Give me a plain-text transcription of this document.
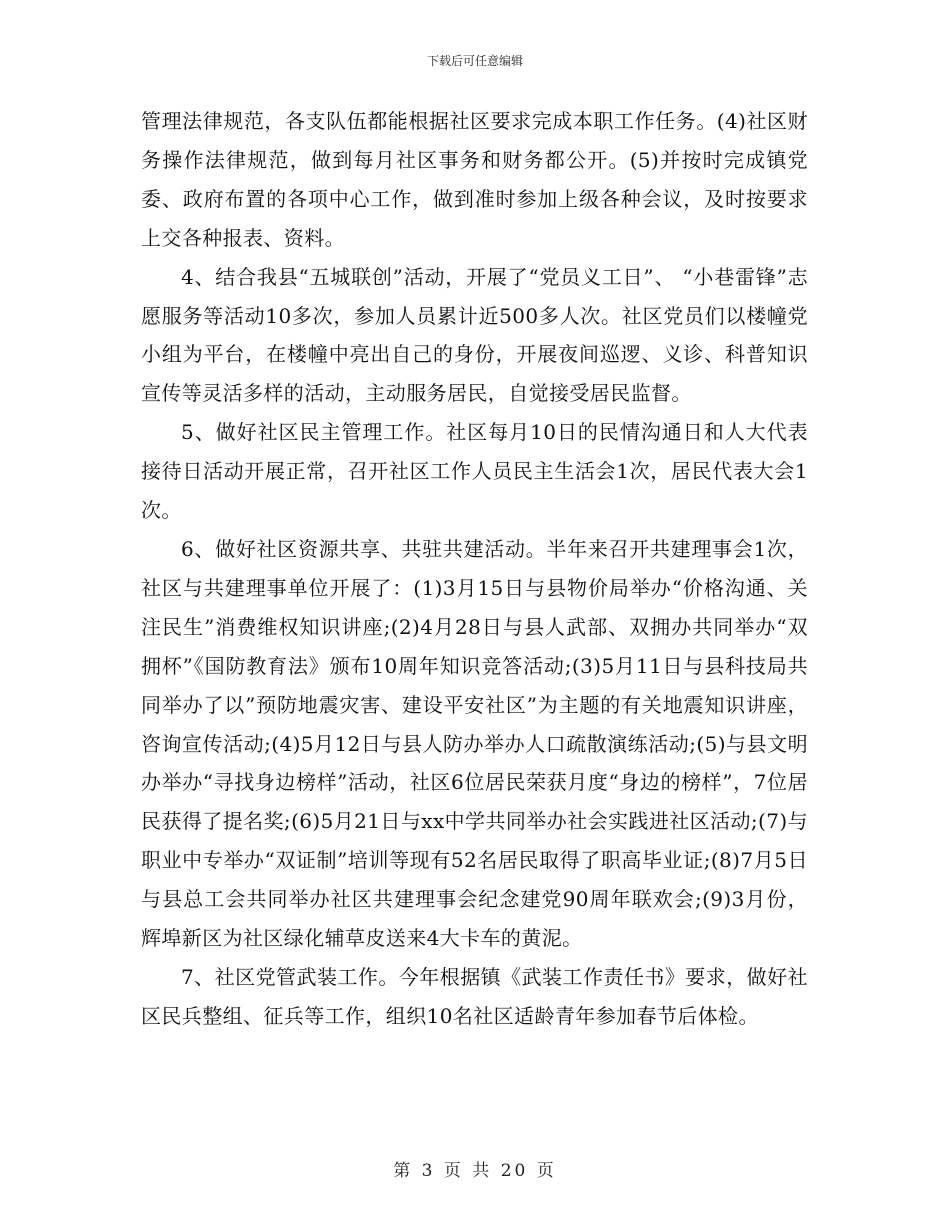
下载后可任意编辑

管理法律规范，各支队伍都能根据社区要求完成本职工作任务。(4)社区财务操作法律规范，做到每月社区事务和财务都公开。(5)并按时完成镇党委、政府布置的各项中心工作，做到准时参加上级各种会议，及时按要求上交各种报表、资料。

4、结合我县“五城联创”活动，开展了“党员义工日”、 “小巷雷锋”志愿服务等活动10多次，参加人员累计近500多人次。社区党员们以楼幢党小组为平台，在楼幢中亮出自己的身份，开展夜间巡逻、义诊、科普知识宣传等灵活多样的活动，主动服务居民，自觉接受居民监督。

5、做好社区民主管理工作。社区每月10日的民情沟通日和人大代表接待日活动开展正常，召开社区工作人员民主生活会1次，居民代表大会1次。

6、做好社区资源共享、共驻共建活动。半年来召开共建理事会1次，社区与共建理事单位开展了：(1)3月15日与县物价局举办“价格沟通、关注民生”消费维权知识讲座;(2)4月28日与县人武部、双拥办共同举办“双拥杯”《国防教育法》颁布10周年知识竞答活动;(3)5月11日与县科技局共同举办了以”预防地震灾害、建设平安社区”为主题的有关地震知识讲座，咨询宣传活动;(4)5月12日与县人防办举办人口疏散演练活动;(5)与县文明办举办“寻找身边榜样”活动，社区6位居民荣获月度“身边的榜样”，7位居民获得了提名奖;(6)5月21日与xx中学共同举办社会实践进社区活动;(7)与职业中专举办“双证制”培训等现有52名居民取得了职高毕业证;(8)7月5日与县总工会共同举办社区共建理事会纪念建党90周年联欢会;(9)3月份，辉埠新区为社区绿化辅草皮送来4大卡车的黄泥。

7、社区党管武装工作。今年根据镇《武装工作责任书》要求，做好社区民兵整组、征兵等工作，组织10名社区适龄青年参加春节后体检。

第 3 页 共 20 页
